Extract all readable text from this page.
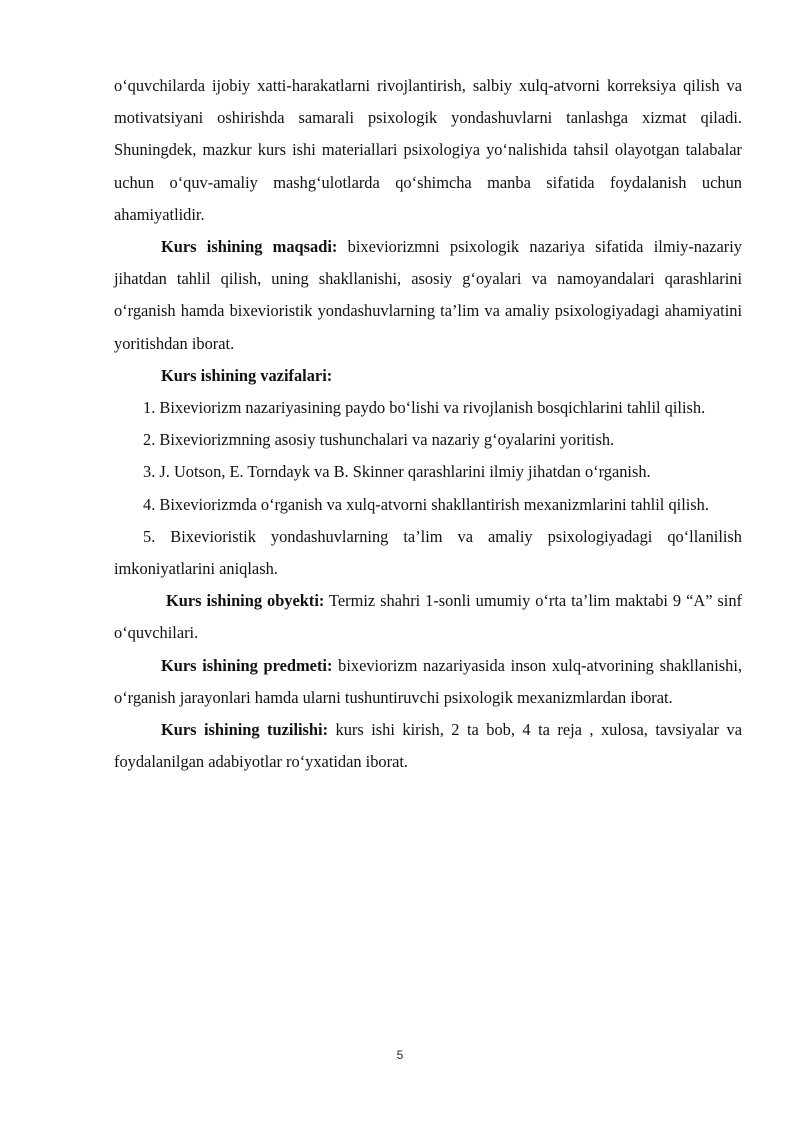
o‘quvchilarda ijobiy xatti-harakatlarni rivojlantirish, salbiy xulq-atvorni korreksiya qilish va motivatsiyani oshirishda samarali psixologik yondashuvlarni tanlashga xizmat qiladi. Shuningdek, mazkur kurs ishi materiallari psixologiya yo‘nalishida tahsil olayotgan talabalar uchun o‘quv-amaliy mashg‘ulotlarda qo‘shimcha manba sifatida foydalanish uchun ahamiyatlidir.

Kurs ishining maqsadi: bixeviorizmni psixologik nazariya sifatida ilmiy-nazariy jihatdan tahlil qilish, uning shakllanishi, asosiy g‘oyalari va namoyandalari qarashlarini o‘rganish hamda bixevioristik yondashuvlarning ta’lim va amaliy psixologiyadagi ahamiyatini yoritishdan iborat.

Kurs ishining vazifalari:

1. Bixeviorizm nazariyasining paydo bo‘lishi va rivojlanish bosqichlarini tahlil qilish.

2. Bixeviorizmning asosiy tushunchalari va nazariy g‘oyalarini yoritish.

3. J. Uotson, E. Torndayk va B. Skinner qarashlarini ilmiy jihatdan o‘rganish.

4. Bixeviorizmda o‘rganish va xulq-atvorni shakllantirish mexanizmlarini tahlil qilish.

5. Bixevioristik yondashuvlarning ta’lim va amaliy psixologiyadagi qo‘llanilish imkoniyatlarini aniqlash.

Kurs ishining obyekti: Termiz shahri 1-sonli umumiy o‘rta ta’lim maktabi 9 “A” sinf o‘quvchilari.

Kurs ishining predmeti: bixeviorizm nazariyasida inson xulq-atvorining shakllanishi, o‘rganish jarayonlari hamda ularni tushuntiruvchi psixologik mexanizmlardan iborat.

Kurs ishining tuzilishi: kurs ishi kirish, 2 ta bob, 4 ta reja , xulosa, tavsiyalar va foydalanilgan adabiyotlar ro‘yxatidan iborat.

5
